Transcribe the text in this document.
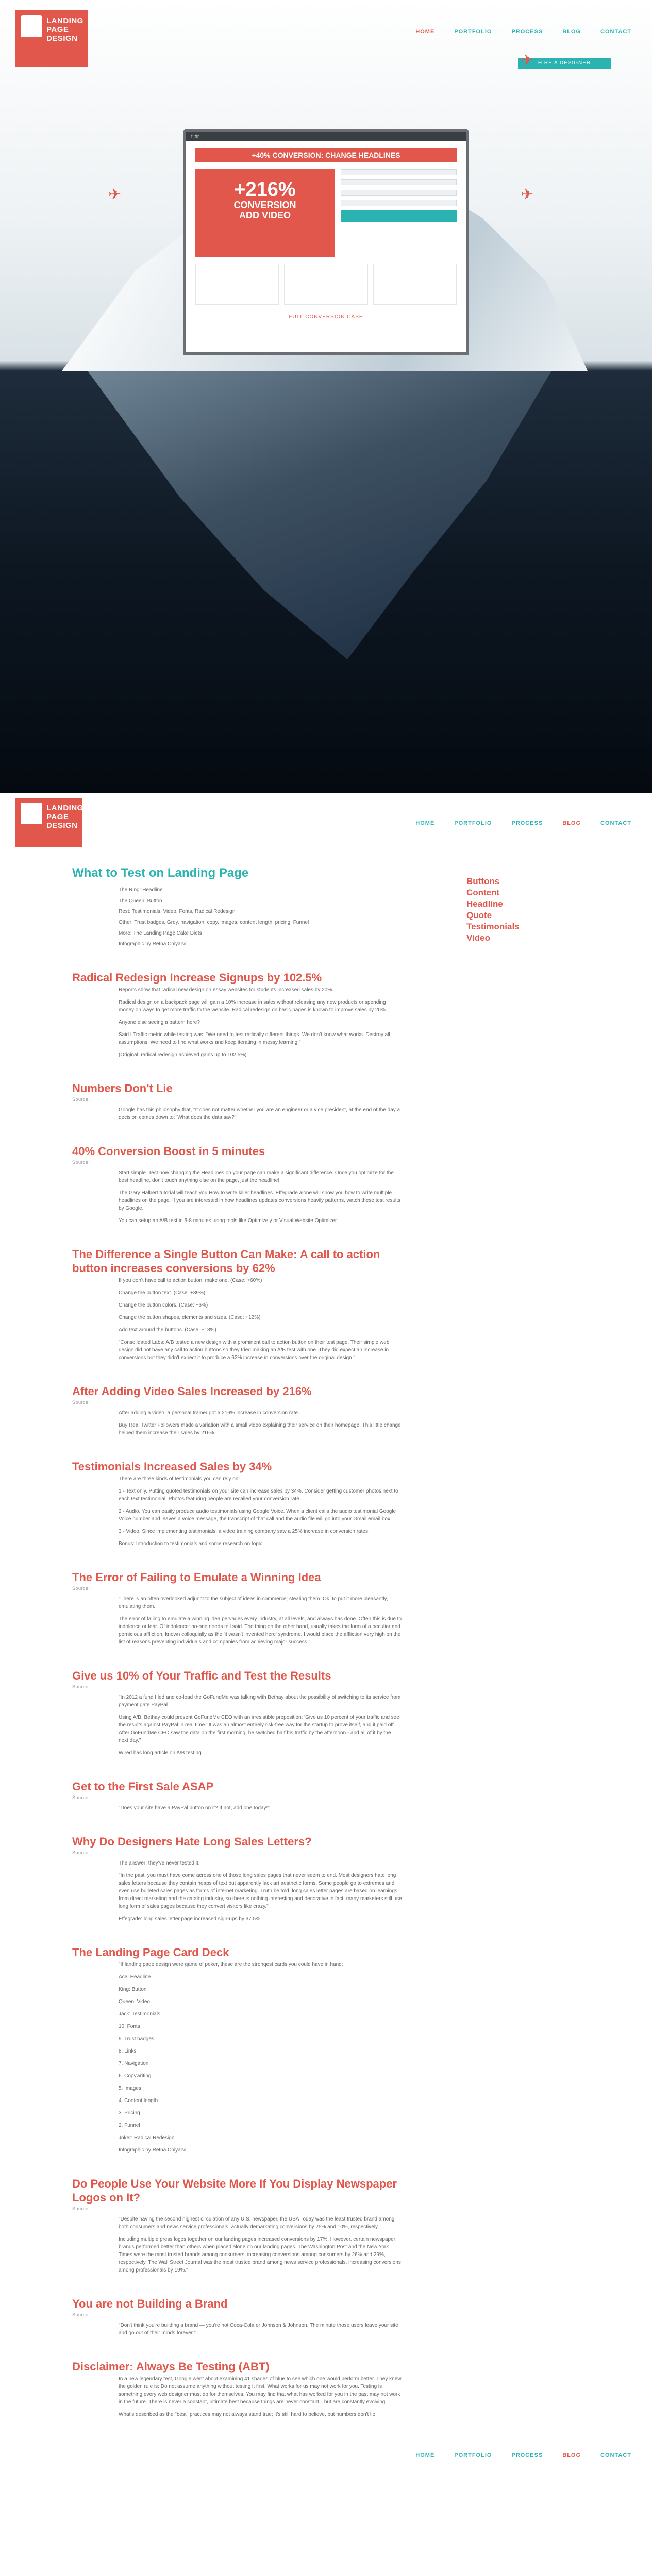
LANDING
PAGE
DESIGN
HOME	PORTFOLIO	PROCESS	BLOG	CONTACT
HIRE A DESIGNER
✈
✈	✈
tl;dr
+40% CONVERSION: CHANGE HEADLINES
+216%
CONVERSION
ADD VIDEO
FULL CONVERSION CASE
LANDING
PAGE
DESIGN	HOME	PORTFOLIO	PROCESS	BLOG	CONTACT
What to Test on Landing Page

The Ring: Headline

The Queen: Button

Rest: Testimonials, Video, Fonts, Radical Redesign

Other: Trust badges, Grey, navigation, copy, images, content length, pricing, Funnel

More: The Landing Page Cake Diets

Infographic by Retna Chiyarvi

Radical Redesign Increase Signups by 102.5%

Reports show that radical new design on essay websites for students increased sales by 20%.

Radical design on a backpack page will gain a 10% increase in sales without releasing any new products or spending money on ways to get more traffic to the website. Radical redesign on basic pages is known to improve sales by 20%.

Anyone else seeing a pattern here?

Said I Traffic metric while testing was: "We need to test radically different things. We don't know what works. Destroy all assumptions. We need to find what works and keep iterating in messy learning."

(Original: radical redesign achieved gains up to 102.5%)

Numbers Don't Lie
Source:

Google has this philosophy that, "It does not matter whether you are an engineer or a vice president, at the end of the day a decision comes down to: 'What does the data say?'"

40% Conversion Boost in 5 minutes
Source:

Start simple. Test how changing the Headlines on your page can make a significant difference. Once you optimize for the best headline, don't touch anything else on the page, just the headline!

The Gary Halbert tutorial will teach you How to write killer headlines. Effegrade alone will show you how to write multiple headlines on the page. If you are interested in how headlines updates conversions heavily patterns, watch these test results by Google.

You can setup an A/B test in 5-8 minutes using tools like Optimizely or Visual Website Optimizer.

The Difference a Single Button Can Make: A call to action button increases conversions by 62%

If you don't have call to action button, make one. (Case: +60%)

Change the button text. (Case: +39%)

Change the button colors. (Case: +6%)

Change the button shapes, elements and sizes. (Case: +12%)

Add text around the buttons. (Case: +18%)

"Consolidated Labs: A/B tested a new design with a prominent call to action button on their test page. Their simple web design did not have any call to action buttons so they tried making an A/B test with one. They did expect an increase in conversions but they didn't expect it to produce a 62% increase in conversions over the original design."

After Adding Video Sales Increased by 216%
Source:

After adding a video, a personal trainer got a 216% increase in conversion rate.

Buy Real Twitter Followers made a variation with a small video explaining their service on their homepage. This little change helped them increase their sales by 216%.

Testimonials Increased Sales by 34%

There are three kinds of testimonials you can rely on:

1 - Text only. Putting quoted testimonials on your site can increase sales by 34%. Consider getting customer photos next to each text testimonial. Photos featuring people are recalled your conversion rate.

2 - Audio. You can easily produce audio testimonials using Google Voice. When a client calls the audio testimonial Google Voice number and leaves a voice message, the transcript of that call and the audio file will go into your Gmail email box.

3 - Video. Since implementing testimonials, a video training company saw a 25% increase in conversion rates.

Bonus: Introduction to testimonials and some research on topic.

The Error of Failing to Emulate a Winning Idea
Source:

"There is an often overlooked adjunct to the subject of ideas in commerce; stealing them. Ok, to put it more pleasantly, emulating them.

The error of failing to emulate a winning idea pervades every industry, at all levels, and always has done. Often this is due to indolence or fear. Of indolence: no-one needs tell said. The thing on the other hand, usually takes the form of a peculiar and pernicious affliction, known colloquially as the 'it wasn't invented here' syndrome. I would place the affliction very high on the list of reasons preventing individuals and companies from achieving major success."

Give us 10% of Your Traffic and Test the Results
Source:

"In 2012 a fund I led and co-lead the GoFundMe was talking with Bethay about the possibility of switching to its service from payment gate PayPal.

Using A/B, Bethay could present GoFundMe CEO with an irresistible proposition: 'Give us 10 percent of your traffic and see the results against PayPal in real time.' It was an almost entirely risk-free way for the startup to prove itself, and it paid off. After GoFundMe CEO saw the data on the first morning, he switched half his traffic by the afternoon - and all of it by the next day."

Wired has long article on A/B testing.

Get to the First Sale ASAP
Source:

"Does your site have a PayPal button on it? If not, add one today!"

Why Do Designers Hate Long Sales Letters?
Source:

The answer: they've never tested it.

"In the past, you must have come across one of those long sales pages that never seem to end. Most designers hate long sales letters because they contain heaps of text but apparently lack art aesthetic forms. Some people go to extremes and even use bulleted sales pages as forms of internet marketing. Truth be told, long sales letter pages are based on learnings from direct marketing and the catalog industry, so there is nothing interesting and decorative in fact, many marketers still use long form of sales pages because they convert visitors like crazy."

Effegrade: long sales letter page increased sign-ups by 37.5%

The Landing Page Card Deck

"If landing page design were game of poker, these are the strongest cards you could have in hand:

Ace: Headline

King: Button

Queen: Video

Jack: Testimonials

10. Fonts

9. Trust badges

8. Links

7. Navigation

6. Copywriting

5. Images

4. Content length

3. Pricing

2. Funnel

Joker: Radical Redesign

Infographic by Retna Chiyarvi

Do People Use Your Website More If You Display Newspaper Logos on It?
Source:

"Despite having the second highest circulation of any U.S. newspaper, the USA Today was the least trusted brand among both consumers and news service professionals, actually demarkating conversions by 25% and 10%, respectively.

Including multiple press logos together on our landing pages increased conversions by 17%. However, certain newspaper brands performed better than others when placed alone on our landing pages. The Washington Post and the New York Times were the most trusted brands among consumers, increasing conversions among consumers by 26% and 29%, respectively. The Wall Street Journal was the most trusted brand among news service professionals, increasing conversions among professionals by 19%."

You are not Building a Brand
Source:

"Don't think you're building a brand — you're not Coca-Cola or Johnson & Johnson. The minute those users leave your site and go out of their minds forever."

Disclaimer: Always Be Testing (ABT)

In a new legendary test, Google went about examining 41 shades of blue to see which one would perform better. They knew the golden rule is: Do not assume anything without testing it first. What works for us may not work for you. Testing is something every web designer must do for themselves. You may find that what has worked for you in the past may not work in the future. There is never a constant, ultimate best because things are never constant—but are constantly evolving.

What's described as the "best" practices may not always stand true; it's still hard to believe, but numbers don't lie.

Buttons
Content
Headline
Quote
Testimonials
Video
HOME	PORTFOLIO	PROCESS	BLOG	CONTACT
